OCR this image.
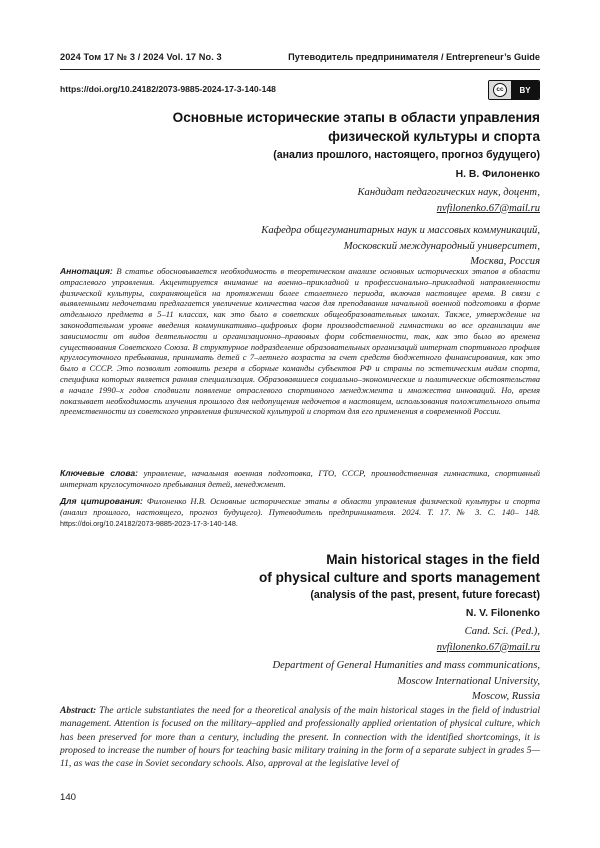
2024 Том 17 № 3 / 2024 Vol. 17 No. 3	Путеводитель предпринимателя / Entrepreneur’s Guide
https://doi.org/10.24182/2073-9885-2024-17-3-140-148	cc	BY
Основные исторические этапы в области управления
физической культуры и спорта
(анализ прошлого, настоящего, прогноз будущего)
Н. В. Филоненко
Кандидат педагогических наук, доцент,
nvfilonenko.67@mail.ru
Кафедра общегуманитарных наук и массовых коммуникаций,
Московский международный университет,
Москва, Россия
Аннотация: В статье обосновывается необходимость в теоретическом анализе основных исторических этапов в области отраслевого управления. Акцентируется внимание на военно–прикладной и профессионально–прикладной направленности физической культуры, сохраняющейся на протяжении более столетнего периода, включая настоящее время. В связи с выявленными недочетами предлагается увеличение количества часов для преподавания начальной военной подготовки в форме отдельного предмета в 5–11 классах, как это было в советских общеобразовательных школах. Также, утверждение на законодательном уровне введения коммуникативно–цифровых форм производственной гимнастики во все организации вне зависимости от видов деятельности и организационно–правовых форм собственности, так, как это было во времена существования Советского Союза. В структурное подразделение образовательных организаций интернат спортивного профиля круглосуточного пребывания, принимать детей с 7–летнего возраста за счет средств бюджетного финансирования, как это было в СССР. Это позволит готовить резерв в сборные команды субъектов РФ и страны по эстетическим видам спорта, специфика которых является ранняя специализация. Образовавшиеся социально–экономические и политические обстоятельства в начале 1990–х годов сподвигли появление отраслевого спортивного менеджмента и множества инноваций. Но, время показывает необходимость изучения прошлого для недопущения недочетов в настоящем, использования положительного опыта преемственности из советского управления физической культурой и спортом для его применения в современной России.
Ключевые слова: управление, начальная военная подготовка, ГТО, СССР, производственная гимнастика, спортивный интернат круглосуточного пребывания детей, менеджмент.
Для цитирования: Филоненко Н.В. Основные исторические этапы в области управления физической культуры и спорта (анализ прошлого, настоящего, прогноз будущего). Путеводитель предпринимателя. 2024. Т. 17. № 3. С. 140– 148. https://doi.org/10.24182/2073-9885-2023-17-3-140-148.
Main historical stages in the field
of physical culture and sports management
(analysis of the past, present, future forecast)
N. V. Filonenko
Cand. Sci. (Ped.),
nvfilonenko.67@mail.ru
Department of General Humanities and mass communications,
Moscow International University,
Moscow, Russia
Abstract: The article substantiates the need for a theoretical analysis of the main historical stages in the field of industrial management. Attention is focused on the military–applied and professionally applied orientation of physical culture, which has been preserved for more than a century, including the present. In connection with the identified shortcomings, it is proposed to increase the number of hours for teaching basic military training in the form of a separate subject in grades 5—11, as was the case in Soviet secondary schools. Also, approval at the legislative level of
140
